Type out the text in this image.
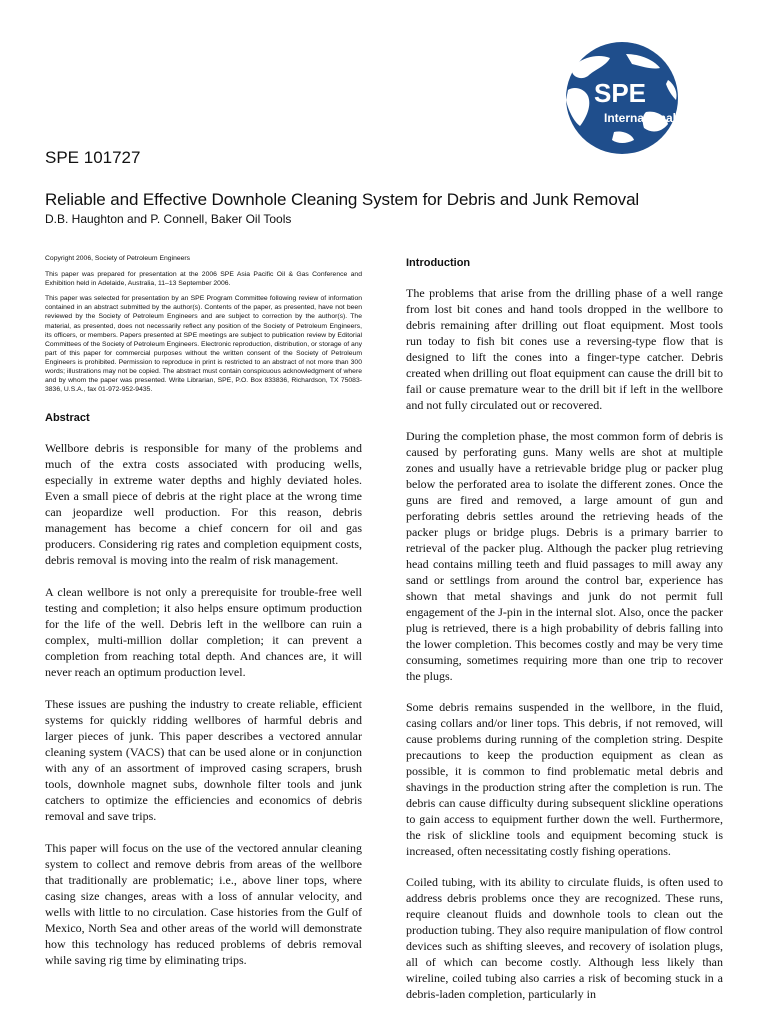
SPE
International
SPE 101727
Reliable and Effective Downhole Cleaning System for Debris and Junk Removal
D.B. Haughton and P. Connell, Baker Oil Tools

Copyright 2006, Society of Petroleum Engineers

This paper was prepared for presentation at the 2006 SPE Asia Pacific Oil & Gas Conference and Exhibition held in Adelaide, Australia, 11–13 September 2006.

This paper was selected for presentation by an SPE Program Committee following review of information contained in an abstract submitted by the author(s). Contents of the paper, as presented, have not been reviewed by the Society of Petroleum Engineers and are subject to correction by the author(s). The material, as presented, does not necessarily reflect any position of the Society of Petroleum Engineers, its officers, or members. Papers presented at SPE meetings are subject to publication review by Editorial Committees of the Society of Petroleum Engineers. Electronic reproduction, distribution, or storage of any part of this paper for commercial purposes without the written consent of the Society of Petroleum Engineers is prohibited. Permission to reproduce in print is restricted to an abstract of not more than 300 words; illustrations may not be copied. The abstract must contain conspicuous acknowledgment of where and by whom the paper was presented. Write Librarian, SPE, P.O. Box 833836, Richardson, TX 75083-3836, U.S.A., fax 01-972-952-9435.

Abstract

Wellbore debris is responsible for many of the problems and much of the extra costs associated with producing wells, especially in extreme water depths and highly deviated holes. Even a small piece of debris at the right place at the wrong time can jeopardize well production. For this reason, debris management has become a chief concern for oil and gas producers. Considering rig rates and completion equipment costs, debris removal is moving into the realm of risk management.

A clean wellbore is not only a prerequisite for trouble-free well testing and completion; it also helps ensure optimum production for the life of the well. Debris left in the wellbore can ruin a complex, multi-million dollar completion; it can prevent a completion from reaching total depth. And chances are, it will never reach an optimum production level.

These issues are pushing the industry to create reliable, efficient systems for quickly ridding wellbores of harmful debris and larger pieces of junk. This paper describes a vectored annular cleaning system (VACS) that can be used alone or in conjunction with any of an assortment of improved casing scrapers, brush tools, downhole magnet subs, downhole filter tools and junk catchers to optimize the efficiencies and economics of debris removal and save trips.

This paper will focus on the use of the vectored annular cleaning system to collect and remove debris from areas of the wellbore that traditionally are problematic; i.e., above liner tops, where casing size changes, areas with a loss of annular velocity, and wells with little to no circulation. Case histories from the Gulf of Mexico, North Sea and other areas of the world will demonstrate how this technology has reduced problems of debris removal while saving rig time by eliminating trips.

Introduction

The problems that arise from the drilling phase of a well range from lost bit cones and hand tools dropped in the wellbore to debris remaining after drilling out float equipment. Most tools run today to fish bit cones use a reversing-type flow that is designed to lift the cones into a finger-type catcher. Debris created when drilling out float equipment can cause the drill bit to fail or cause premature wear to the drill bit if left in the wellbore and not fully circulated out or recovered.

During the completion phase, the most common form of debris is caused by perforating guns. Many wells are shot at multiple zones and usually have a retrievable bridge plug or packer plug below the perforated area to isolate the different zones. Once the guns are fired and removed, a large amount of gun and perforating debris settles around the retrieving heads of the packer plugs or bridge plugs. Debris is a primary barrier to retrieval of the packer plug. Although the packer plug retrieving head contains milling teeth and fluid passages to mill away any sand or settlings from around the control bar, experience has shown that metal shavings and junk do not permit full engagement of the J-pin in the internal slot. Also, once the packer plug is retrieved, there is a high probability of debris falling into the lower completion. This becomes costly and may be very time consuming, sometimes requiring more than one trip to recover the plugs.

Some debris remains suspended in the wellbore, in the fluid, casing collars and/or liner tops. This debris, if not removed, will cause problems during running of the completion string. Despite precautions to keep the production equipment as clean as possible, it is common to find problematic metal debris and shavings in the production string after the completion is run. The debris can cause difficulty during subsequent slickline operations to gain access to equipment further down the well. Furthermore, the risk of slickline tools and equipment becoming stuck is increased, often necessitating costly fishing operations.

Coiled tubing, with its ability to circulate fluids, is often used to address debris problems once they are recognized. These runs, require cleanout fluids and downhole tools to clean out the production tubing. They also require manipulation of flow control devices such as shifting sleeves, and recovery of isolation plugs, all of which can become costly. Although less likely than wireline, coiled tubing also carries a risk of becoming stuck in a debris-laden completion, particularly in
